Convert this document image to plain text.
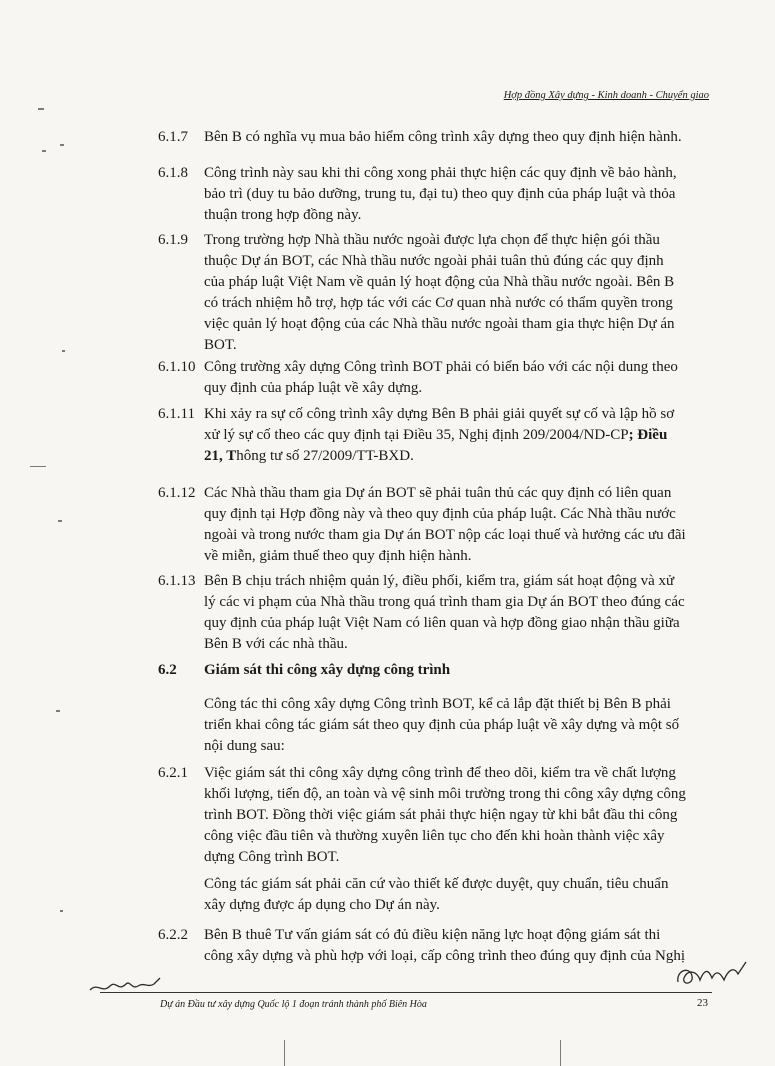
Hợp đồng Xây dựng - Kinh doanh - Chuyển giao
6.1.7 Bên B có nghĩa vụ mua bảo hiểm công trình xây dựng theo quy định hiện hành.
6.1.8 Công trình này sau khi thi công xong phải thực hiện các quy định về bảo hành,
bảo trì (duy tu bảo dưỡng, trung tu, đại tu) theo quy định của pháp luật và thỏa
thuận trong hợp đồng này.
6.1.9 Trong trường hợp Nhà thầu nước ngoài được lựa chọn để thực hiện gói thầu
thuộc Dự án BOT, các Nhà thầu nước ngoài phải tuân thủ đúng các quy định
của pháp luật Việt Nam về quản lý hoạt động của Nhà thầu nước ngoài. Bên B
có trách nhiệm hỗ trợ, hợp tác với các Cơ quan nhà nước có thẩm quyền trong
việc quản lý hoạt động của các Nhà thầu nước ngoài tham gia thực hiện Dự án
BOT.
6.1.10 Công trường xây dựng Công trình BOT phải có biển báo với các nội dung theo
quy định của pháp luật về xây dựng.
6.1.11 Khi xảy ra sự cố công trình xây dựng Bên B phải giải quyết sự cố và lập hồ sơ
xử lý sự cố theo các quy định tại Điều 35, Nghị định 209/2004/ND-CP; Điều
21, Thông tư số 27/2009/TT-BXD.
6.1.12 Các Nhà thầu tham gia Dự án BOT sẽ phải tuân thủ các quy định có liên quan
quy định tại Hợp đồng này và theo quy định của pháp luật. Các Nhà thầu nước
ngoài và trong nước tham gia Dự án BOT nộp các loại thuế và hưởng các ưu đãi
về miễn, giảm thuế theo quy định hiện hành.
6.1.13 Bên B chịu trách nhiệm quản lý, điều phối, kiểm tra, giám sát hoạt động và xử
lý các vi phạm của Nhà thầu trong quá trình tham gia Dự án BOT theo đúng các
quy định của pháp luật Việt Nam có liên quan và hợp đồng giao nhận thầu giữa
Bên B với các nhà thầu.
6.2 Giám sát thi công xây dựng công trình
Công tác thi công xây dựng Công trình BOT, kể cả lắp đặt thiết bị Bên B phải
triển khai công tác giám sát theo quy định của pháp luật về xây dựng và một số
nội dung sau:
6.2.1 Việc giám sát thi công xây dựng công trình để theo dõi, kiểm tra về chất lượng
khối lượng, tiến độ, an toàn và vệ sinh môi trường trong thi công xây dựng công
trình BOT. Đồng thời việc giám sát phải thực hiện ngay từ khi bắt đầu thi công
công việc đầu tiên và thường xuyên liên tục cho đến khi hoàn thành việc xây
dựng Công trình BOT.
Công tác giám sát phải căn cứ vào thiết kế được duyệt, quy chuẩn, tiêu chuẩn
xây dựng được áp dụng cho Dự án này.
6.2.2 Bên B thuê Tư vấn giám sát có đủ điều kiện năng lực hoạt động giám sát thi
công xây dựng và phù hợp với loại, cấp công trình theo đúng quy định của Nghị
Dự án Đầu tư xây dựng Quốc lộ 1 đoạn tránh thành phố Biên Hòa	23
